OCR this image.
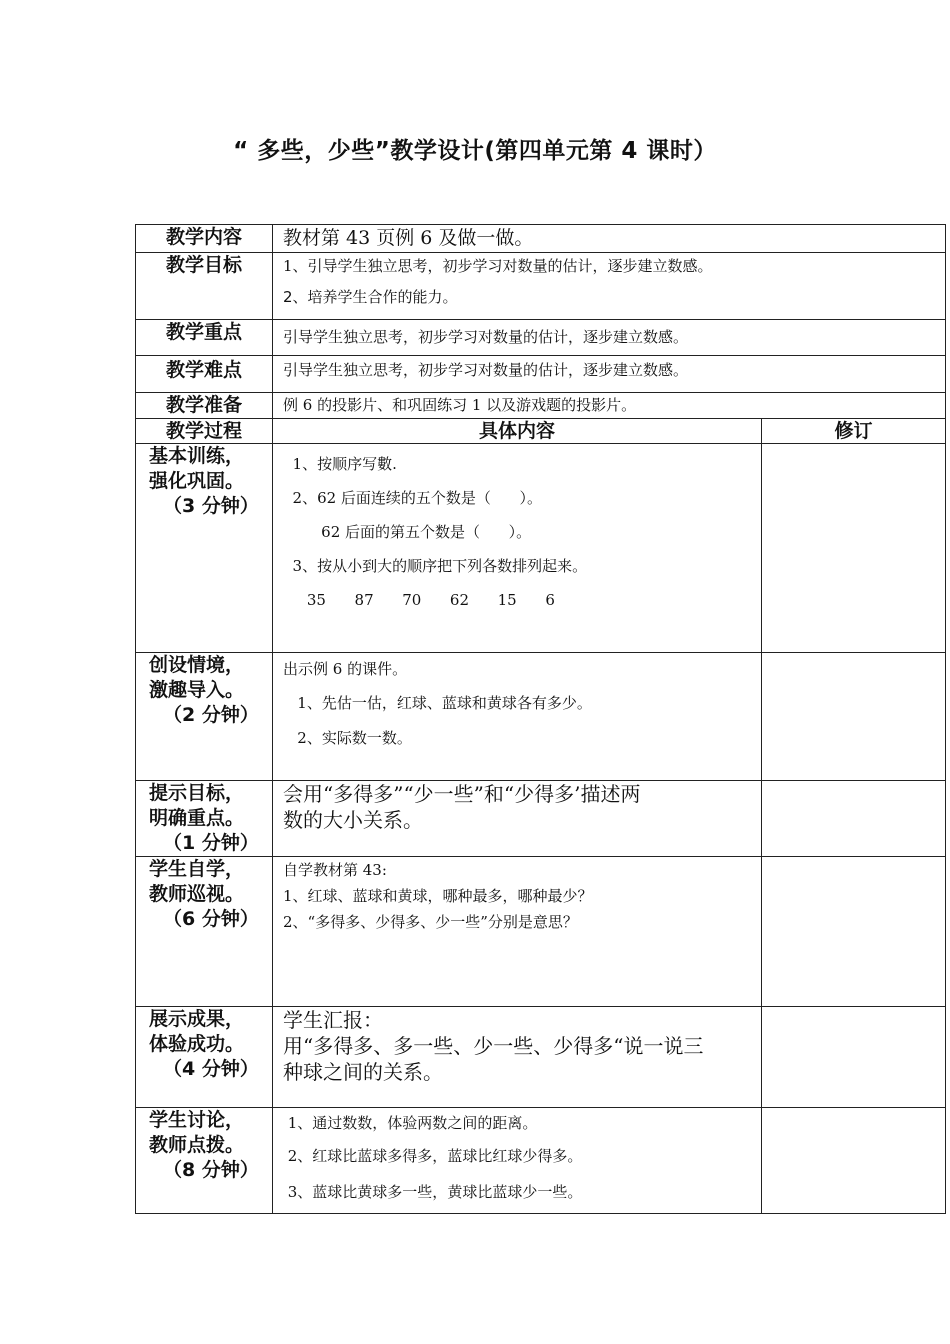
“ 多些，少些”教学设计(第四单元第 4 课时）
教学内容	教材第 43 页例 6 及做一做。	
教学目标	1、引导学生独立思考，初步学习对数量的估计，逐步建立数感。
2、培养学生合作的能力。	

教学重点	引导学生独立思考，初步学习对数量的估计，逐步建立数感。	
教学难点	引导学生独立思考，初步学习对数量的估计，逐步建立数感。	
教学准备	例 6 的投影片、和巩固练习 1 以及游戏题的投影片。	
教学过程	具体内容	修订

基本训练，
强化巩固。
（3 分钟）	1、按顺序写數.
2、62 后面连续的五个数是（      ）。
62 后面的第五个数是（      ）。
3、按从小到大的顺序把下列各数排列起来。
35      87      70      62      15      6	

创设情境，
激趣导入。
（2 分钟）	出示例 6 的课件。
1、先估一估，红球、蓝球和黄球各有多少。
2、实际数一数。	

提示目标，
明确重点。
（1 分钟）	会用“多得多”“少一些”和“少得多’描述两
数的大小关系。	

学生自学，
教师巡视。
（6 分钟）	自学教材第 43:
1、红球、蓝球和黄球，哪种最多，哪种最少？
2、“多得多、少得多、少一些”分别是意思？	

展示成果，
体验成功。
（4 分钟）	学生汇报：
用“多得多、多一些、少一些、少得多“说一说三
种球之间的关系。	

学生讨论，
教师点拨。
（8 分钟）	1、通过数数，体验两数之间的距离。
2、红球比蓝球多得多，蓝球比红球少得多。
3、蓝球比黄球多一些，黄球比蓝球少一些。	
